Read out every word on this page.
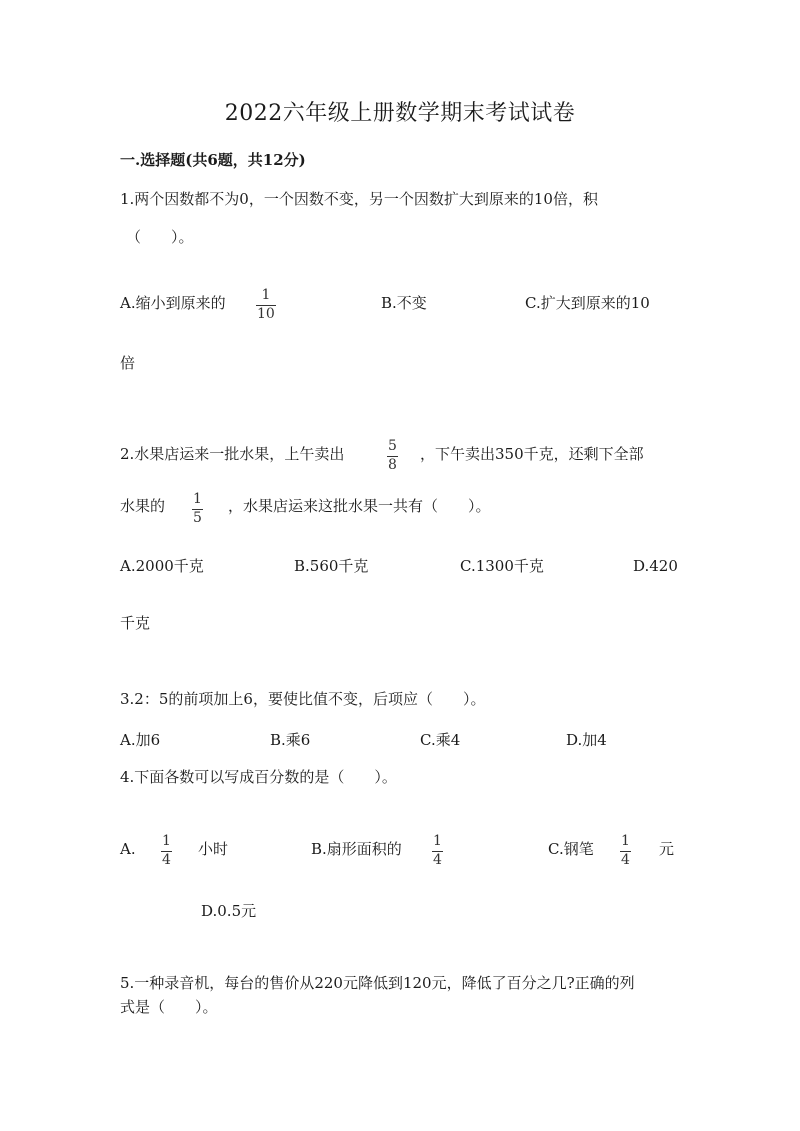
2022六年级上册数学期末考试试卷
一.选择题(共6题，共12分)
1.两个因数都不为0，一个因数不变，另一个因数扩大到原来的10倍，积
（　　）。
A.缩小到原来的	1
10
B.不变	C.扩大到原来的10
倍
2.水果店运来一批水果，上午卖出	5
8
，下午卖出350千克，还剩下全部
水果的 1
5
，水果店运来这批水果一共有（　　）。
A.2000千克	B.560千克	C.1300千克	D.420
千克
3.2：5的前项加上6，要使比值不变，后项应（　　）。
A.加6	B.乘6	C.乘4	D.加4
4.下面各数可以写成百分数的是（　　）。
A. 1
4
小时	B.扇形面积的 1
4
C.钢笔 1
4
元
D.0.5元
5.一种录音机，每台的售价从220元降低到120元，降低了百分之几?正确的列
式是（　　）。
